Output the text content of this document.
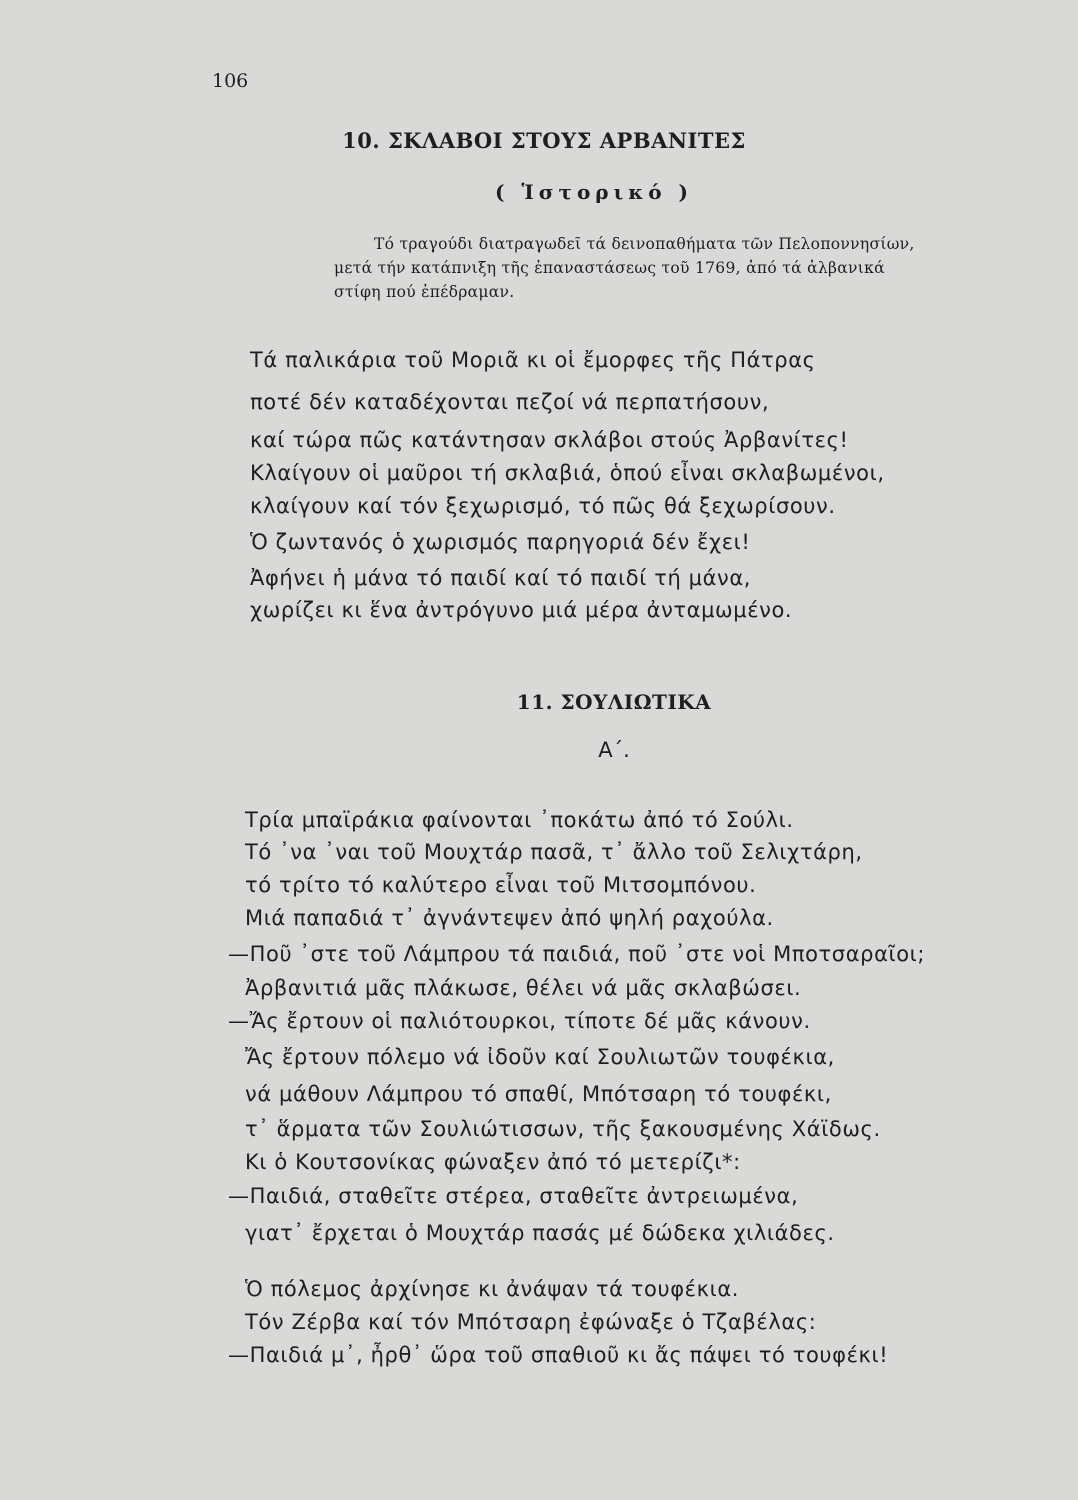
106
10. ΣΚΛΑΒΟΙ ΣΤΟΥΣ ΑΡΒΑΝΙΤΕΣ
( Ἱστορικό )
Τό τραγούδι διατραγωδεῖ τά δεινοπαθήματα τῶν Πελοποννησίων,
μετά τήν κατάπνιξη τῆς ἐπαναστάσεως τοῦ 1769, ἀπό τά ἀλβανικά
στίφη πού ἐπέδραμαν.
Τά παλικάρια τοῦ Μοριᾶ κι οἱ ἔμορφες τῆς Πάτρας
ποτέ δέν καταδέχονται πεζοί νά περπατήσουν,
καί τώρα πῶς κατάντησαν σκλάβοι στούς Ἀρβανίτες!
Κλαίγουν οἱ μαῦροι τή σκλαβιά, ὁπού εἶναι σκλαβωμένοι,
κλαίγουν καί τόν ξεχωρισμό, τό πῶς θά ξεχωρίσουν.
Ὁ ζωντανός ὁ χωρισμός παρηγοριά δέν ἔχει!
Ἀφήνει ἡ μάνα τό παιδί καί τό παιδί τή μάνα,
χωρίζει κι ἕνα ἀντρόγυνο μιά μέρα ἀνταμωμένο.
11. ΣΟΥΛΙΩΤΙΚΑ
Α΄.
Τρία μπαϊράκια φαίνονται ᾿ποκάτω ἀπό τό Σούλι.
Τό ᾿να ᾿ναι τοῦ Μουχτάρ πασᾶ, τ᾿ ἄλλο τοῦ Σελιχτάρη,
τό τρίτο τό καλύτερο εἶναι τοῦ Μιτσομπόνου.
Μιά παπαδιά τ᾿ ἀγνάντεψεν ἀπό ψηλή ραχούλα.
—Ποῦ ᾿στε τοῦ Λάμπρου τά παιδιά, ποῦ ᾿στε νοἱ Μποτσαραῖοι;
Ἀρβανιτιά μᾶς πλάκωσε, θέλει νά μᾶς σκλαβώσει.
—Ἄς ἔρτουν οἱ παλιότουρκοι, τίποτε δέ μᾶς κάνουν.
Ἄς ἔρτουν πόλεμο νά ἰδοῦν καί Σουλιωτῶν τουφέκια,
νά μάθουν Λάμπρου τό σπαθί, Μπότσαρη τό τουφέκι,
τ᾿ ἅρματα τῶν Σουλιώτισσων, τῆς ξακουσμένης Χάϊδως.
Κι ὁ Κουτσονίκας φώναξεν ἀπό τό μετερίζι*:
—Παιδιά, σταθεῖτε στέρεα, σταθεῖτε ἀντρειωμένα,
γιατ᾿ ἔρχεται ὁ Μουχτάρ πασάς μέ δώδεκα χιλιάδες.
Ὁ πόλεμος ἀρχίνησε κι ἀνάψαν τά τουφέκια.
Τόν Ζέρβα καί τόν Μπότσαρη ἐφώναξε ὁ Τζαβέλας:
—Παιδιά μ᾿, ἦρθ᾿ ὥρα τοῦ σπαθιοῦ κι ἄς πάψει τό τουφέκι!
